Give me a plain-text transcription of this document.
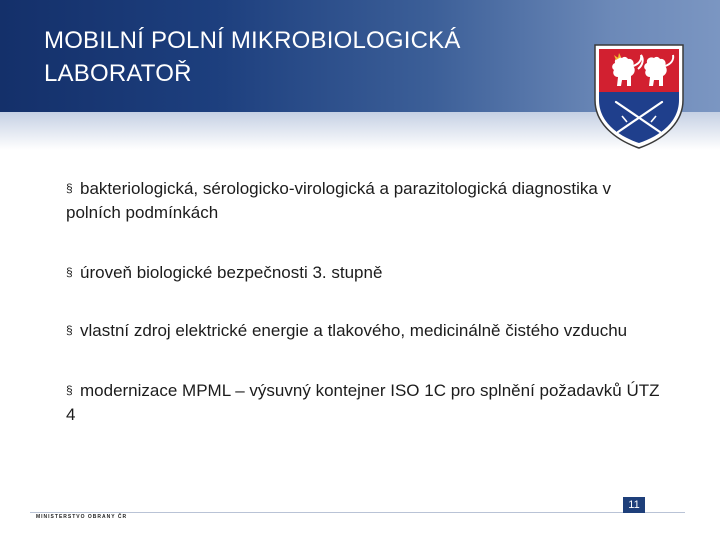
MOBILNÍ POLNÍ MIKROBIOLOGICKÁ LABORATOŘ
§ bakteriologická, sérologicko-virologická a parazitologická diagnostika v polních podmínkách
§ úroveň biologické bezpečnosti 3. stupně
§ vlastní zdroj elektrické energie a tlakového, medicinálně čistého vzduchu
§ modernizace MPML – výsuvný kontejner ISO 1C pro splnění požadavků ÚTZ 4
MINISTERSTVO OBRANY ČR
11
